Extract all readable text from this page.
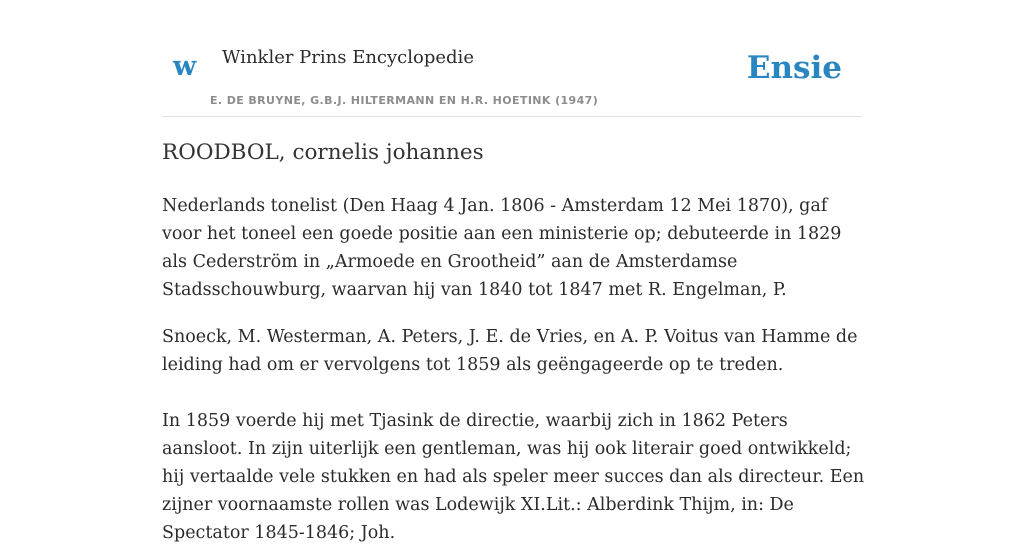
w Winkler Prins Encyclopedie
E. DE BRUYNE, G.B.J. HILTERMANN EN H.R. HOETINK (1947)
Ensie
ROODBOL, cornelis johannes

Nederlands tonelist (Den Haag 4 Jan. 1806 - Amsterdam 12 Mei 1870), gaf voor het toneel een goede positie aan een ministerie op; debuteerde in 1829 als Cederström in „Armoede en Grootheid” aan de Amsterdamse Stadsschouwburg, waarvan hij van 1840 tot 1847 met R. Engelman, P.

Snoeck, M. Westerman, A. Peters, J. E. de Vries, en A. P. Voitus van Hamme de leiding had om er vervolgens tot 1859 als geëngageerde op te treden.

In 1859 voerde hij met Tjasink de directie, waarbij zich in 1862 Peters aansloot. In zijn uiterlijk een gentleman, was hij ook literair goed ontwikkeld; hij vertaalde vele stukken en had als speler meer succes dan als directeur. Een zijner voornaamste rollen was Lodewijk XI.Lit.: Alberdink Thijm, in: De Spectator 1845-1846; Joh.
